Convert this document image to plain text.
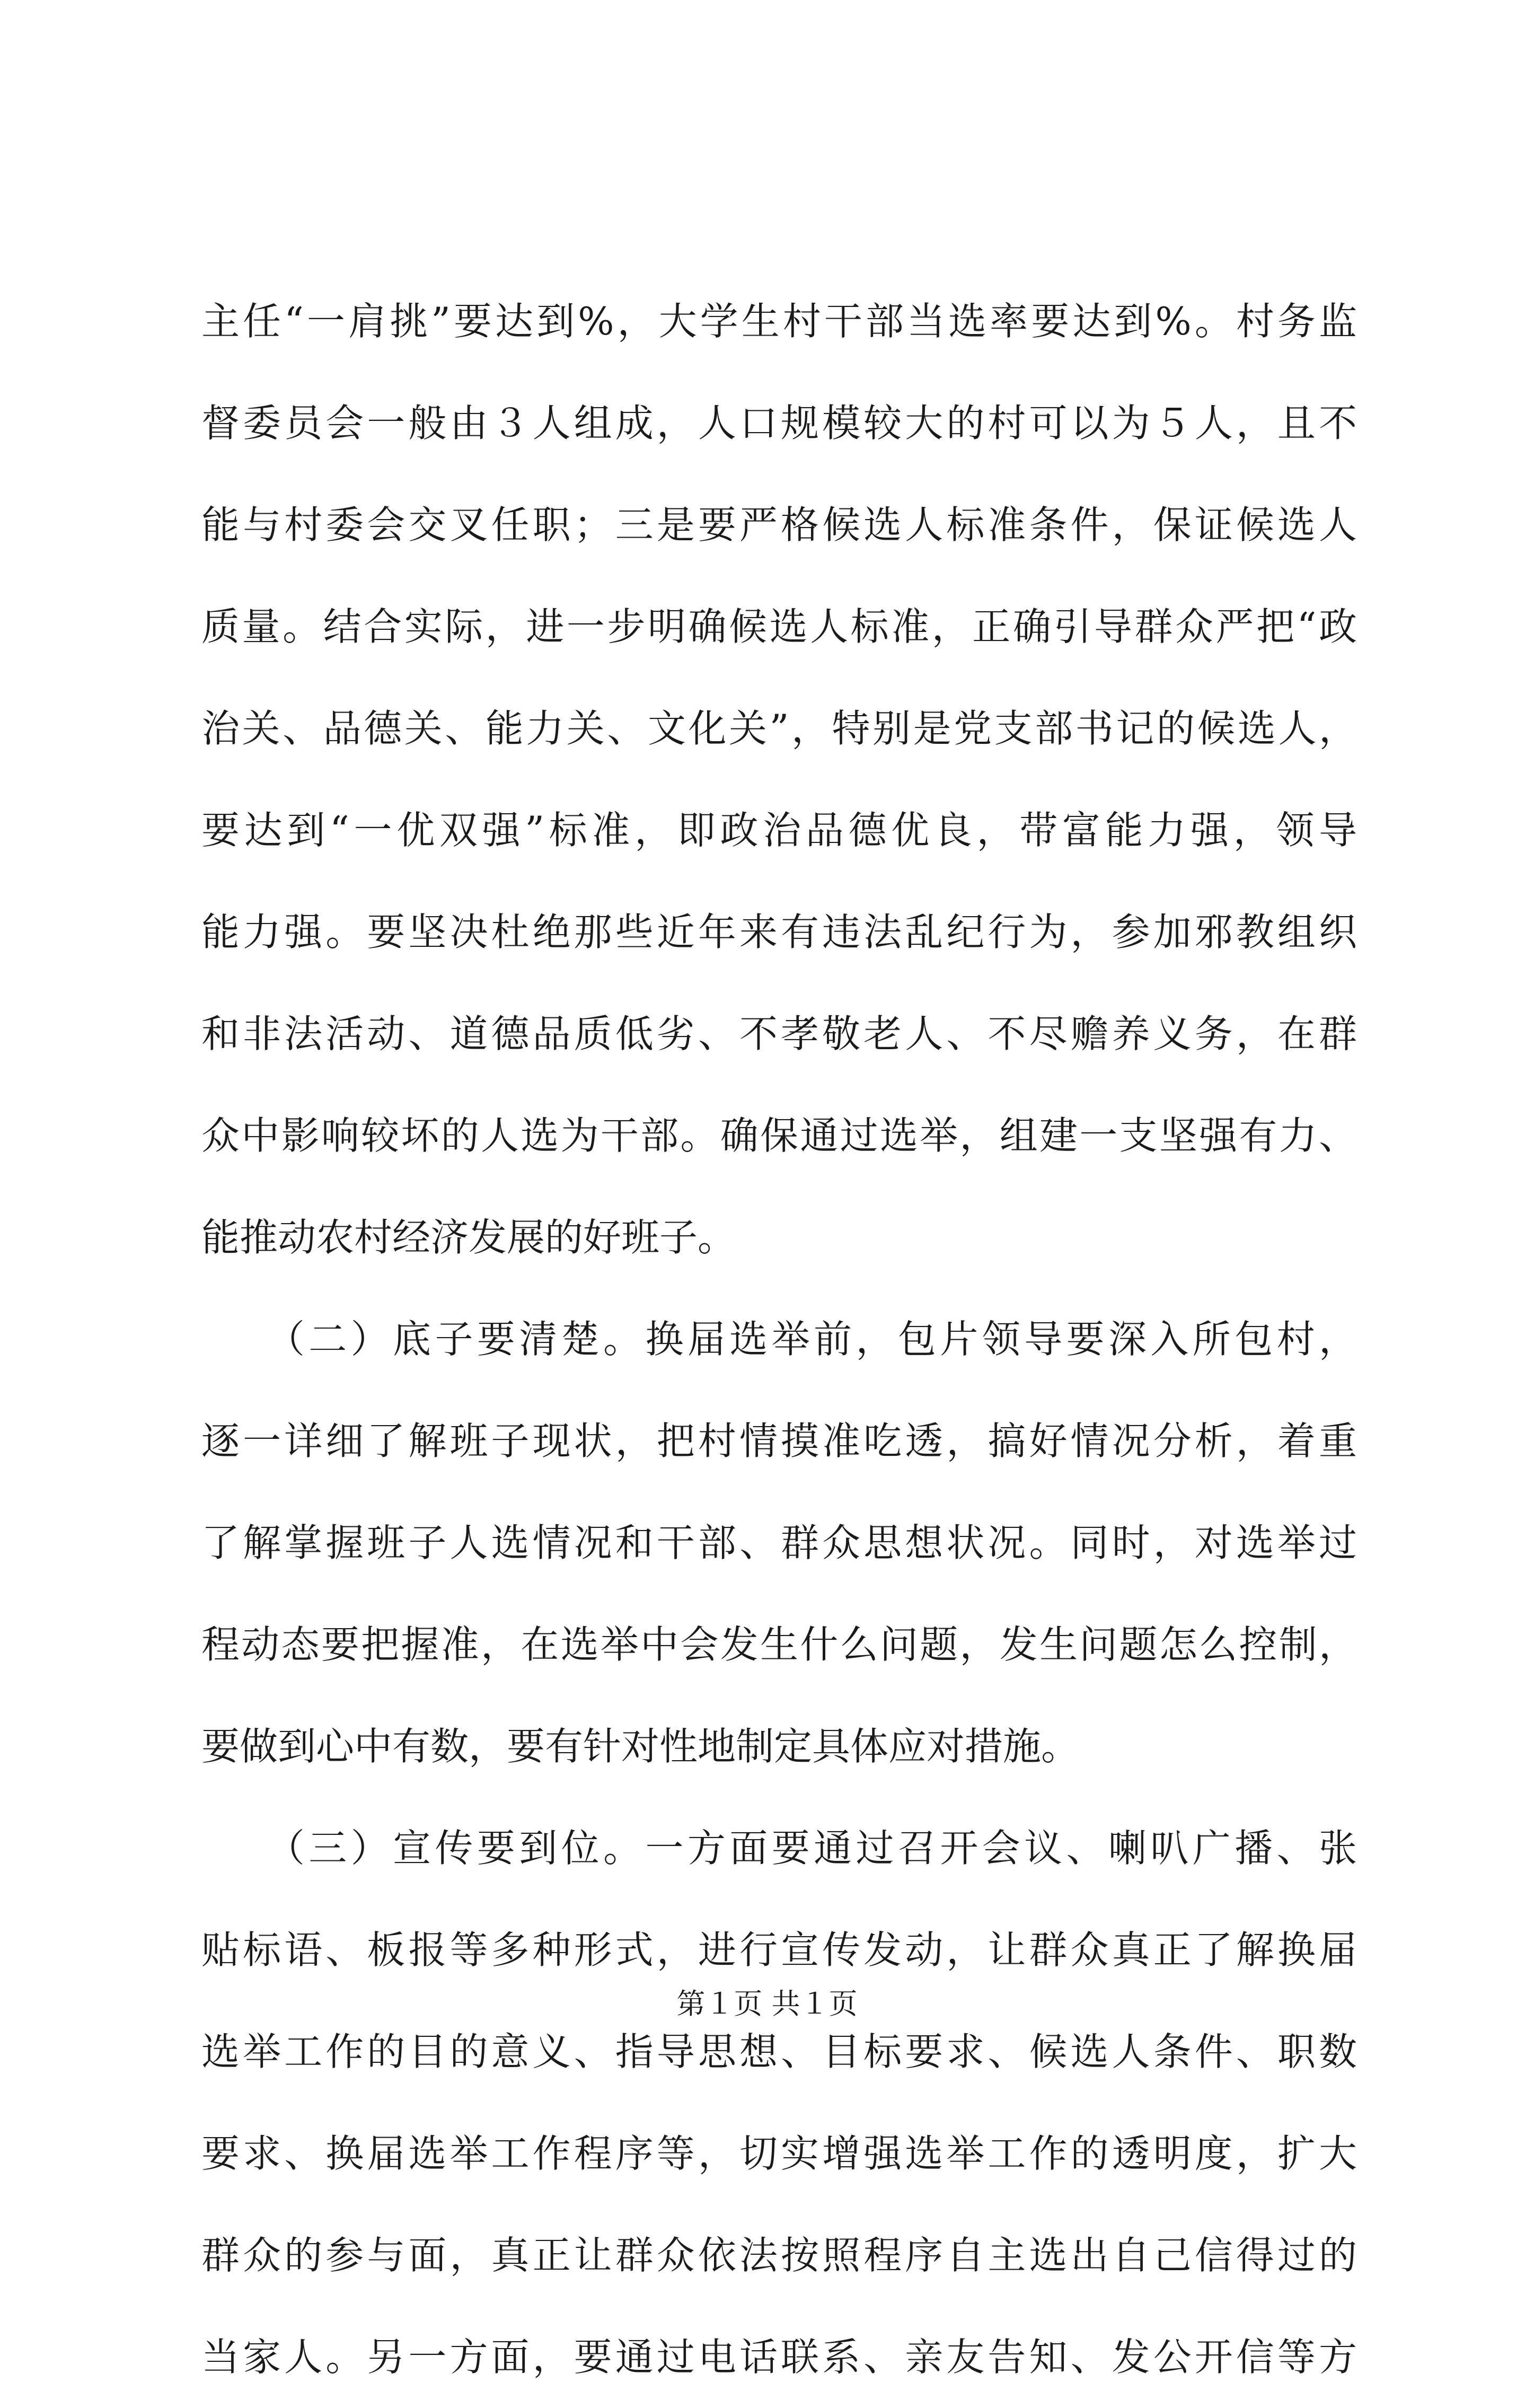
主任“一肩挑”要达到%，大学生村干部当选率要达到%。村务监
督委员会一般由３人组成，人口规模较大的村可以为５人，且不
能与村委会交叉任职；三是要严格候选人标准条件，保证候选人
质量。结合实际，进一步明确候选人标准，正确引导群众严把“政
治关、品德关、能力关、文化关”，特别是党支部书记的候选人，
要达到“一优双强”标准，即政治品德优良，带富能力强，领导
能力强。要坚决杜绝那些近年来有违法乱纪行为，参加邪教组织
和非法活动、道德品质低劣、不孝敬老人、不尽赡养义务，在群
众中影响较坏的人选为干部。确保通过选举，组建一支坚强有力、
能推动农村经济发展的好班子。
　　（二）底子要清楚。换届选举前，包片领导要深入所包村，
逐一详细了解班子现状，把村情摸准吃透，搞好情况分析，着重
了解掌握班子人选情况和干部、群众思想状况。同时，对选举过
程动态要把握准，在选举中会发生什么问题，发生问题怎么控制，
要做到心中有数，要有针对性地制定具体应对措施。
　　（三）宣传要到位。一方面要通过召开会议、喇叭广播、张
贴标语、板报等多种形式，进行宣传发动，让群众真正了解换届
选举工作的目的意义、指导思想、目标要求、候选人条件、职数
要求、换届选举工作程序等，切实增强选举工作的透明度，扩大
群众的参与面，真正让群众依法按照程序自主选出自己信得过的
当家人。另一方面，要通过电话联系、亲友告知、发公开信等方
第１页 共１页
